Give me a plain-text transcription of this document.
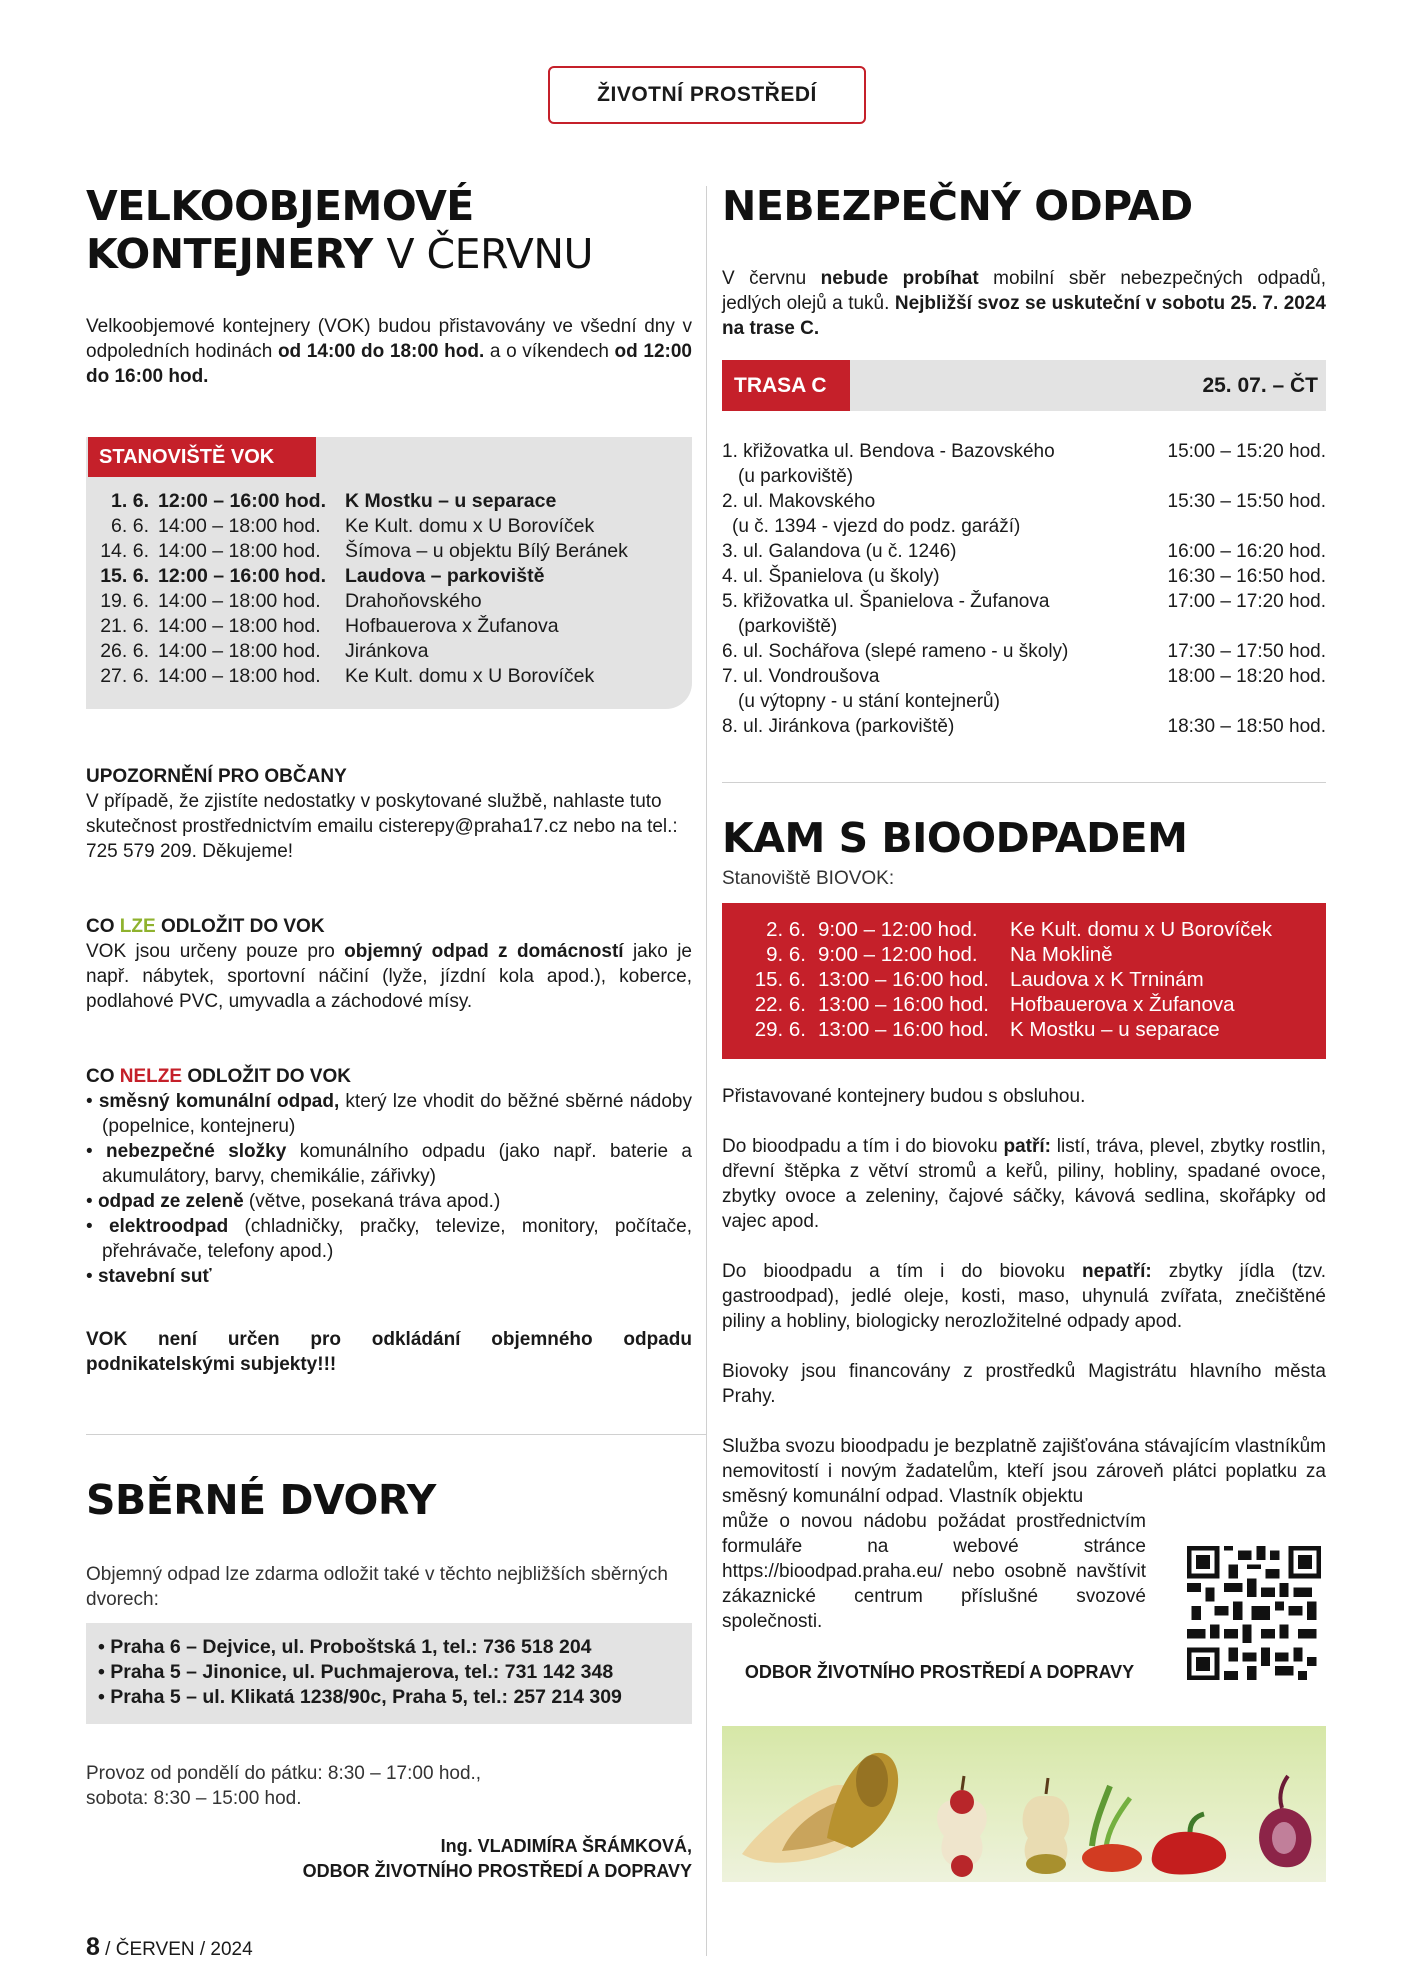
ŽIVOTNÍ PROSTŘEDÍ
VELKOOBJEMOVÉ
KONTEJNERY V ČERVNU
Velkoobjemové kontejnery (VOK) budou přistavovány ve všední dny v odpoledních hodinách od 14:00 do 18:00 hod. a o víkendech od 12:00 do 16:00 hod.
STANOVIŠTĚ VOK
1. 6. 12:00 – 16:00 hod. K Mostku – u separace
6. 6. 14:00 – 18:00 hod.	Ke Kult. domu x U Borovíček
14. 6. 14:00 – 18:00 hod.	Šímova – u objektu Bílý Beránek
15. 6. 12:00 – 16:00 hod. Laudova – parkoviště
19. 6. 14:00 – 18:00 hod.	Drahoňovského
21. 6. 14:00 – 18:00 hod.	Hofbauerova x Žufanova
26. 6. 14:00 – 18:00 hod.	Jiránkova
27. 6. 14:00 – 18:00 hod.	Ke Kult. domu x U Borovíček
UPOZORNĚNÍ PRO OBČANY
V případě, že zjistíte nedostatky v poskytované službě, nahlaste tuto skutečnost prostřednictvím emailu cisterepy@praha17.cz nebo na tel.: 725 579 209. Děkujeme!
CO LZE ODLOŽIT DO VOK
VOK jsou určeny pouze pro objemný odpad z domácností jako je např. nábytek, sportovní náčiní (lyže, jízdní kola apod.), koberce, podlahové PVC, umyvadla a záchodové mísy.
CO NELZE ODLOŽIT DO VOK
• směsný komunální odpad, který lze vhodit do běžné sběrné nádoby (popelnice, kontejneru)
• nebezpečné složky komunálního odpadu (jako např. baterie a akumulátory, barvy, chemikálie, zářivky)
• odpad ze zeleně (větve, posekaná tráva apod.)
• elektroodpad (chladničky, pračky, televize, monitory, počítače, přehrávače, telefony apod.)
• stavební suť
VOK není určen pro odkládání objemného odpadu podnikatelskými subjekty!!!
SBĚRNÉ DVORY
Objemný odpad lze zdarma odložit také v těchto nejbližších sběrných dvorech:
• Praha 6 – Dejvice, ul. Proboštská 1, tel.: 736 518 204
• Praha 5 – Jinonice, ul. Puchmajerova, tel.: 731 142 348
• Praha 5 – ul. Klikatá 1238/90c, Praha 5, tel.: 257 214 309
Provoz od pondělí do pátku: 8:30 – 17:00 hod.,
sobota: 8:30 – 15:00 hod.
Ing. VLADIMÍRA ŠRÁMKOVÁ,
ODBOR ŽIVOTNÍHO PROSTŘEDÍ A DOPRAVY
NEBEZPEČNÝ ODPAD
V červnu nebude probíhat mobilní sběr nebezpečných odpadů, jedlých olejů a tuků. Nejbližší svoz se uskuteční v sobotu 25. 7. 2024 na trase C.
TRASA C	25. 07. – ČT
1. křižovatka ul. Bendova - Bazovského	15:00 – 15:20 hod.
(u parkoviště)
2. ul. Makovského	15:30 – 15:50 hod.
(u č. 1394 - vjezd do podz. garáží)
3. ul. Galandova (u č. 1246)	16:00 – 16:20 hod.
4. ul. Španielova (u školy)	16:30 – 16:50 hod.
5. křižovatka ul. Španielova - Žufanova	17:00 – 17:20 hod.
(parkoviště)
6. ul. Sochářova (slepé rameno - u školy)	17:30 – 17:50 hod.
7. ul. Vondroušova	18:00 – 18:20 hod.
(u výtopny - u stání kontejnerů)
8. ul. Jiránkova (parkoviště)	18:30 – 18:50 hod.
KAM S BIOODPADEM
Stanoviště BIOVOK:
2. 6. 9:00 – 12:00 hod.	Ke Kult. domu x U Borovíček
9. 6. 9:00 – 12:00 hod.	Na Moklině
15. 6. 13:00 – 16:00 hod.	Laudova x K Trninám
22. 6. 13:00 – 16:00 hod.	Hofbauerova x Žufanova
29. 6. 13:00 – 16:00 hod.	K Mostku – u separace
Přistavované kontejnery budou s obsluhou.
Do bioodpadu a tím i do biovoku patří: listí, tráva, plevel, zbytky rostlin, dřevní štěpka z větví stromů a keřů, piliny, hobliny, spadané ovoce, zbytky ovoce a zeleniny, čajové sáčky, kávová sedlina, skořápky od vajec apod.
Do bioodpadu a tím i do biovoku nepatří: zbytky jídla (tzv. gastroodpad), jedlé oleje, kosti, maso, uhynulá zvířata, znečištěné piliny a hobliny, biologicky nerozložitelné odpady apod.
Biovoky jsou financovány z prostředků Magistrátu hlavního města Prahy.
Služba svozu bioodpadu je bezplatně zajišťována stávajícím vlastníkům nemovitostí i novým žadatelům, kteří jsou zároveň plátci poplatku za směsný komunální odpad. Vlastník objektu
může o novou nádobu požádat prostřednictvím formuláře na webové stránce https://bioodpad.praha.eu/ nebo osobně navštívit zákaznické centrum příslušné svozové společnosti.
ODBOR ŽIVOTNÍHO PROSTŘEDÍ A DOPRAVY
8 / ČERVEN / 2024
